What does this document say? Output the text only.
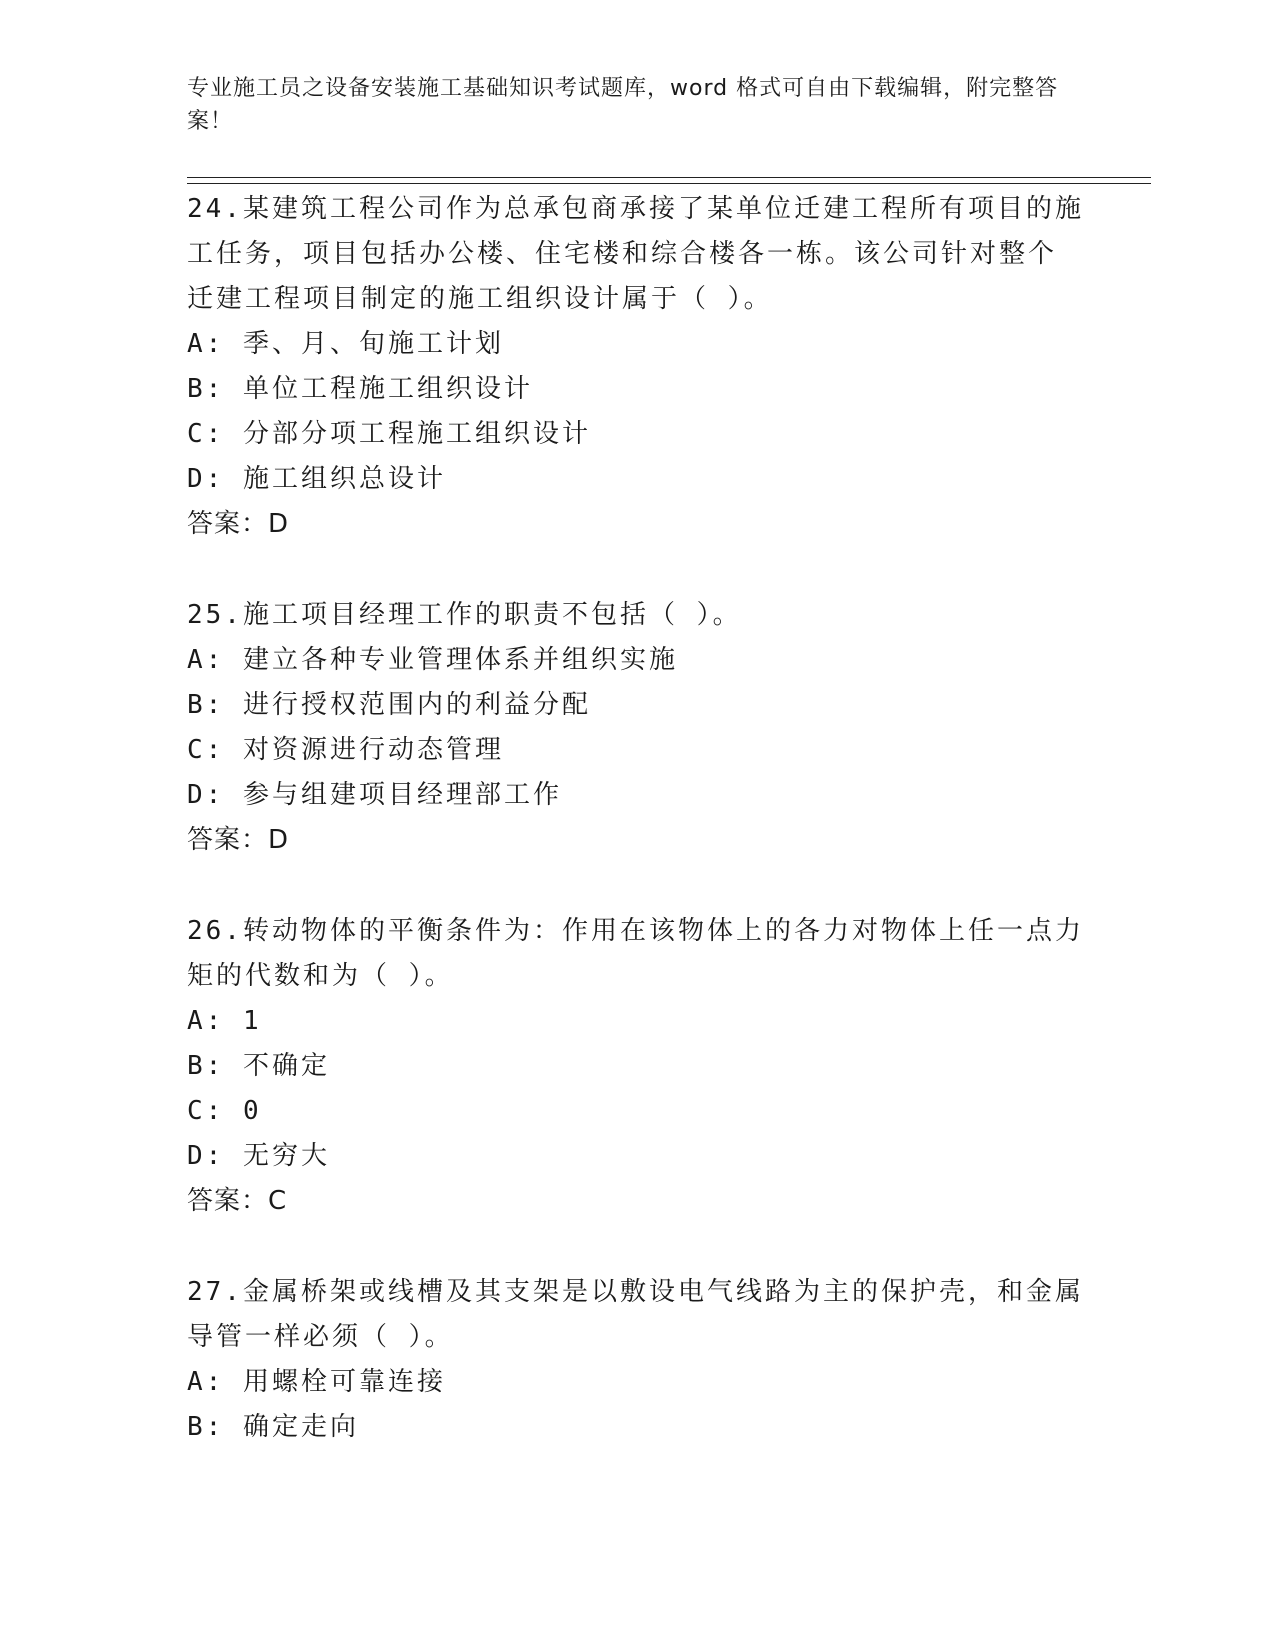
专业施工员之设备安装施工基础知识考试题库，word 格式可自由下载编辑，附完整答案！

24.某建筑工程公司作为总承包商承接了某单位迁建工程所有项目的施

工任务，项目包括办公楼、住宅楼和综合楼各一栋。该公司针对整个

迁建工程项目制定的施工组织设计属于（ ）。

A: 季、月、旬施工计划

B: 单位工程施工组织设计

C: 分部分项工程施工组织设计

D: 施工组织总设计

答案：D

25.施工项目经理工作的职责不包括（ ）。

A: 建立各种专业管理体系并组织实施

B: 进行授权范围内的利益分配

C: 对资源进行动态管理

D: 参与组建项目经理部工作

答案：D

26.转动物体的平衡条件为：作用在该物体上的各力对物体上任一点力

矩的代数和为（ ）。

A: 1

B: 不确定

C: 0

D: 无穷大

答案：C

27.金属桥架或线槽及其支架是以敷设电气线路为主的保护壳，和金属

导管一样必须（ ）。

A: 用螺栓可靠连接

B: 确定走向
